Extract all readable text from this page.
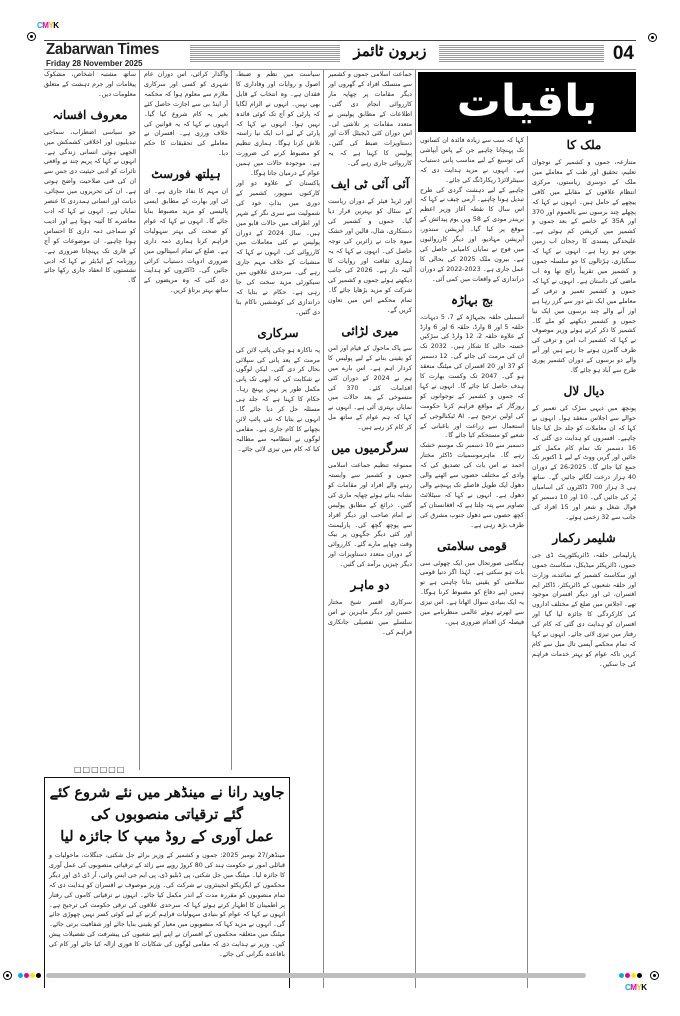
CMYK
Zabarwan Times
Friday 28 November 2025
زبرون ٹائمز	04
باقیات

ملک کا

متنازعہ، جموں و کشمیر کے نوجوان تعلیم، تحقیق اور طب کے معاملے میں ملک کے دوسری ریاستوں، مرکزی انتظام علاقوں کے مقابلے میں کافی پیچھے کے حامل ہیں۔ انہوں نے کہا کہ پچھلے چند برسوں سے بالعموم اور 370 اور 35A کے خاتمے کے بعد جموں و کشمیر میں کرپشن کم ہوئی ہے۔ علیحدگی پسندی کا رجحان اب زمین بوس ہو رہا ہے۔ انہوں نے کہا کہ سنگباری، ہڑتالوں کا جو سلسلہ جموں و کشمیر میں تقریباً رائج تھا وہ اب ماضی کی داستان ہے۔ انہوں نے کہا کہ جموں و کشمیر تعمیر و ترقی کے معاملے میں ایک نئے دور سے گزر رہا ہے اور آنے والے چند برسوں میں ایک نیا جموں و کشمیر دیکھنے کو ملے گا۔ کشمیر کا ذکر کرتے ہوئے وزیر موصوف نے کہا کہ کشمیر اب امن و ترقی کی طرف گامزن ہوتے جا رہے ہیں اور آنے والے دو برسوں کے دوران کشمیر پوری طرح سے آباد ہو جائے گا۔

دیال لال

پونچھ میں دیہی سڑک کی تعمیر کے حوالے سے اجلاس منعقد ہوا۔ انہوں نے کہا کہ ان معاملات کو جلد حل کیا جانا چاہیے۔ افسروں کو ہدایت دی گئی کہ 16 دسمبر تک تمام کام مکمل کئے جائیں اور گرین ووٹ کے لیے 1 اکتوبر تک جمع کیا جائے گا۔ 2025-26 کے دوران 40 ہزار درخت لگائے جائیں گے۔ ساتھ ہی 3 ہزار 700 ڈاکٹروں کی اسامیاں پُر کی جائیں گی۔ 10 اور 10 دسمبر کو قوال شغل و شعر اور 15 افراد کی جانب سے 32 زخمی ہوئے۔

شلیمر رکمار

پارلیمانی حلقہ، ڈائریکٹوریٹ ڈی جی جموں، ڈائریکٹر میڈیکل، سکاسٹ جموں اور سکاسٹ کشمیر کے نمائندے، وزارت اور حلقہ شعبوں کے ڈائریکٹر، ڈاکٹر ایم افسران، ٹی اور دیگر افسران موجود تھے۔ اجلاس میں ضلع کے مختلف اداروں کی کارکردگی کا جائزہ لیا گیا اور افسران کو ہدایت دی گئی کہ کام کی رفتار میں تیزی لائی جائے۔ انہوں نے کہا کہ تمام محکمے آپسی تال میل سے کام کریں تاکہ عوام کو بہتر خدمات فراہم کی جا سکیں۔

کہا کہ سب سے زیادہ فائدہ ان کسانوں تک پہنچانا چاہیے جن کے پاس آبپاشی کی توسیع کے لیے مناسب پانی دستیاب ہے۔ انہوں نے مزید ہدایت دی کہ سینٹرلائزڈ ریکارڈنگ کی جائے۔

چاہیے کے لیے دہشت گردی کی طرح تبدیل ہونا چاہیے۔ آرمی چیف نے کہا کہ اس سال کا نقطہ آغاز وزیر اعظم نریندر مودی کے 58 ویں یوم پیدائش کے موقع پر کیا گیا۔ آپریشن سندور، آپریشن مہادیو، اور دیگر کارروائیوں میں فوج نے نمایاں کامیابی حاصل کی ہے۔ بیرون ملک 2025 کی بحالی کا عمل جاری ہے۔ 2023-2022 کے دوران دراندازی کے واقعات میں کمی آئی۔

بج بہاڑہ

اسمبلی حلقہ بجبہاڑہ کے 7، 5 دیہات، حلقہ 5 اور 8 وارڈ، حلقہ 6 اور 6 وارڈ کے علاوہ حلقہ 2، 12 وارڈ کی سڑکیں خستہ حالی کا شکار ہیں۔ 2032 تک ان کی مرمت کی جائے گی۔ 12 دسمبر کو 37 اور 20 افسران کی میٹنگ منعقد ہو گی۔ 2047 تک وکست بھارت کا ہدف حاصل کیا جائے گا۔ انہوں نے کہا کہ جموں و کشمیر کے نوجوانوں کو روزگار کے مواقع فراہم کرنا حکومت کی اولین ترجیح ہے۔ AI ٹیکنالوجی کے استعمال سے زراعت اور باغبانی کے شعبے کو مستحکم کیا جائے گا۔

دسمبر سے 10 دسمبر تک موسم خشک رہے گا۔ ماہرموسمیات ڈاکٹر مختار احمد نے اس بات کی تصدیق کی کہ وادی کے مختلف حصوں سے اٹھنے والی دھول ایک طویل فاصلے تک پہنچنے والی دھول ہے۔ انہوں نے کہا کہ سیٹلائٹ تصاویر سے پتہ چلتا ہے کہ افغانستان کے کچھ حصوں سے دھول جنوب مشرق کی طرف بڑھ رہی ہے۔

قومی سلامتی

ہنگامی صورتحال میں ایک چھوٹی سی بات ہو سکتی ہے۔ لہٰذا اگر دنیا قومی سلامتی کو یقینی بنانا چاہتی ہے تو ہمیں اپنے دفاع کو مضبوط کرنا ہوگا۔ یہ ایک بنیادی سوال اٹھاتا ہے۔ اس تیزی سے ابھرتے ہوئے عالمی منظرنامے میں فیصلہ کن اقدام ضروری ہیں۔

جماعت اسلامی جموں و کشمیر سے منسلک افراد کے گھروں اور دیگر مقامات پر چھاپہ مار کارروائی انجام دی گئی۔ اطلاعات کے مطابق پولیس نے متعدد مقامات پر تلاشی لی۔ اس دوران کئی ڈیجیٹل آلات اور دستاویزات ضبط کی گئیں۔ پولیس کا کہنا ہے کہ یہ کارروائی جاری رہے گی۔

آئی آئی ٹی ایف

اور ٹریڈ فیئر کے دوران ریاست کے سٹال کو بہترین قرار دیا گیا۔ جموں و کشمیر کی دستکاری، شال، قالین اور خشک میوہ جات نے زائرین کی توجہ حاصل کی۔ انہوں نے کہا کہ یہ ہماری ثقافت اور روایات کا آئینہ دار ہے۔ 2026 کی جانب دیکھتے ہوئے جموں و کشمیر کی شرکت کو مزید بڑھایا جائے گا۔ تمام محکمے اس میں تعاون کریں گے۔

میری لڑائی

سے پاک ماحول کے قیام اور امن کو یقینی بنانے کے لیے پولیس کا کردار اہم ہے۔ اس بارے میں ہم نے 2024 کے دوران کئی اقدامات کئے۔ 370 کی منسوخی کے بعد حالات میں نمایاں بہتری آئی ہے۔ انہوں نے کہا کہ ہم عوام کے ساتھ مل کر کام کر رہے ہیں۔

سرگرمیوں میں

ممنوعہ تنظیم جماعت اسلامی جموں و کشمیر سے وابستہ رہنے والے افراد اور مقامات کو نشانہ بناتے ہوئے چھاپہ ماری کی گئیں۔ ذرائع کے مطابق پولیس نے امام صاحب اور دیگر افراد سے پوچھ گچھ کی۔ پارلیمنٹ اور کئی دیگر جگہوں پر بیک وقت چھاپے مارے گئے۔ کارروائی کے دوران متعدد دستاویزات اور دیگر چیزیں برآمد کی گئیں۔

دو ماہر

سرکاری افسر شیخ مختار حسین اور دیگر ماہرین نے اس سلسلے میں تفصیلی جانکاری فراہم کی۔

سیاست میں نظم و ضبط، اصول و روایات اور وفاداری کا فقدان ہے۔ وہ انتخاب کے قابل بھی نہیں۔ انہوں نے الزام لگایا کہ پارٹی کو آج تک کوئی فائدہ نہیں ہوا۔ انہوں نے کہا کہ پارٹی کے لیے اب ایک نیا راستہ تلاش کرنا ہوگا۔ ہماری تنظیم کو مضبوط کرنے کی ضرورت ہے۔ موجودہ حالات میں ہمیں عوام کے درمیان جانا ہوگا۔

پاکستان کے علاوہ دو اور کارکنوں سوپور، کشمیر کے دوری میں بذاتِ خود کی شمولیت سے سری نگر کے شہر اور اطراف میں حالات قابو میں ہیں۔ سال 2024 کے دوران پولیس نے کئی معاملات میں کارروائی کی۔ انہوں نے کہا کہ منشیات کے خلاف مہم جاری رہے گی۔ سرحدی علاقوں میں سیکورٹی مزید سخت کی جا رہی ہے۔ حکام نے بتایا کہ دراندازی کی کوششیں ناکام بنا دی گئیں۔

سرکاری

پہ ناکارہ ہو چکی پائپ لائن کی مرمت کے بعد پانی کی سپلائی بحال کر دی گئی۔ لیکن لوگوں نے شکایت کی کہ ابھی تک پانی مکمل طور پر نہیں پہنچ رہا۔ حکام کا کہنا ہے کہ جلد ہی مسئلہ حل کر دیا جائے گا۔ انہوں نے بتایا کہ نئی پائپ لائن بچھانے کا کام جاری ہے۔ مقامی لوگوں نے انتظامیہ سے مطالبہ کیا کہ کام میں تیزی لائی جائے۔

واگذار کرائی، اس دوران عام شہری کو کسی اور سرکاری ملازم سے معلوم ہوا کہ محکمہ آر اینڈ بی سے اجازت حاصل کئے بغیر یہ کام شروع کیا گیا۔ انہوں نے کہا کہ یہ قوانین کی خلاف ورزی ہے۔ افسران نے معاملے کی تحقیقات کا حکم دیا۔

ہیلتھ فورسٹ

ان مہم کا نفاذ جاری ہے۔ ای ٹی اور بھارت کے مطابق ایسی پالیسی کو مزید مضبوط بنایا جائے گا۔ انہوں نے کہا کہ عوام کو صحت کی بہتر سہولیات فراہم کرنا ہماری ذمہ داری ہے۔ ضلع کے تمام اسپتالوں میں ضروری ادویات دستیاب کرائی جائیں گی۔ ڈاکٹروں کو ہدایت دی گئی کہ وہ مریضوں کے ساتھ بہتر برتاؤ کریں۔

ساتھ مشتبہ اشخاص، مشکوک پیغامات اور جرم دہشت کے متعلق معلومات دیں۔

معروف افسانہ

جو سیاسی اضطراب، سماجی تبدیلیوں اور اخلاقی کشمکش میں الجھی ہوئی انسانی زندگی ہے۔ انہوں نے کہا کہ پریم چند نے واقعی تاثرات کو ادبی حیثیت دی جس سے ان کی فنی صلاحیت واضح ہوتی ہے۔ ان کی تحریروں میں سچائی، دیانت اور انسانی ہمدردی کا عنصر نمایاں ہے۔ انہوں نے کہا کہ ادب معاشرے کا آئینہ ہوتا ہے اور ادیب کو سماجی ذمہ داری کا احساس ہونا چاہیے۔ ان موضوعات کو آج کے قاری تک پہنچانا ضروری ہے۔ روزنامہ کے ایڈیٹر نے کہا کہ ادبی نشستوں کا انعقاد جاری رکھا جائے گا۔

□□□□□□
جاوید رانا نے مینڈھر میں نئے شروع کئے گئے ترقیاتی منصوبوں کی
عمل آوری کے روڈ میپ کا جائزہ لیا
مینڈھر/27 نومبر 2025: جموں و کشمیر کے وزیر برائے جل شکتی، جنگلات، ماحولیات و قبائلی امور نے حکومت ہند کی 80 کروڑ روپے سے زائد کے ترقیاتی منصوبوں کی عمل آوری کا جائزہ لیا۔ میٹنگ میں جل شکتی، پی ڈبلیو ڈی، پی ایم جی ایس وائی، آر ڈی ڈی اور دیگر محکموں کے ایگزیکٹو انجینئروں نے شرکت کی۔ وزیر موصوف نے افسران کو ہدایت دی کہ تمام منصوبوں کو مقررہ مدت کے اندر مکمل کیا جائے۔ انہوں نے ترقیاتی کاموں کی رفتار پر اطمینان کا اظہار کرتے ہوئے کہا کہ سرحدی علاقوں کی ترقی حکومت کی ترجیح ہے۔ انہوں نے کہا کہ عوام کو بنیادی سہولیات فراہم کرنے کے لیے کوئی کسر نہیں چھوڑی جائے گی۔ انہوں نے مزید کہا کہ منصوبوں میں معیار کو یقینی بنایا جائے اور شفافیت برتی جائے۔ میٹنگ میں متعلقہ محکموں کے افسران نے اپنے اپنے شعبوں کی پیشرفت کی تفصیلات پیش کیں۔ وزیر نے ہدایت دی کہ مقامی لوگوں کی شکایات کا فوری ازالہ کیا جائے اور کام کی باقاعدہ نگرانی کی جائے۔
CMYK
